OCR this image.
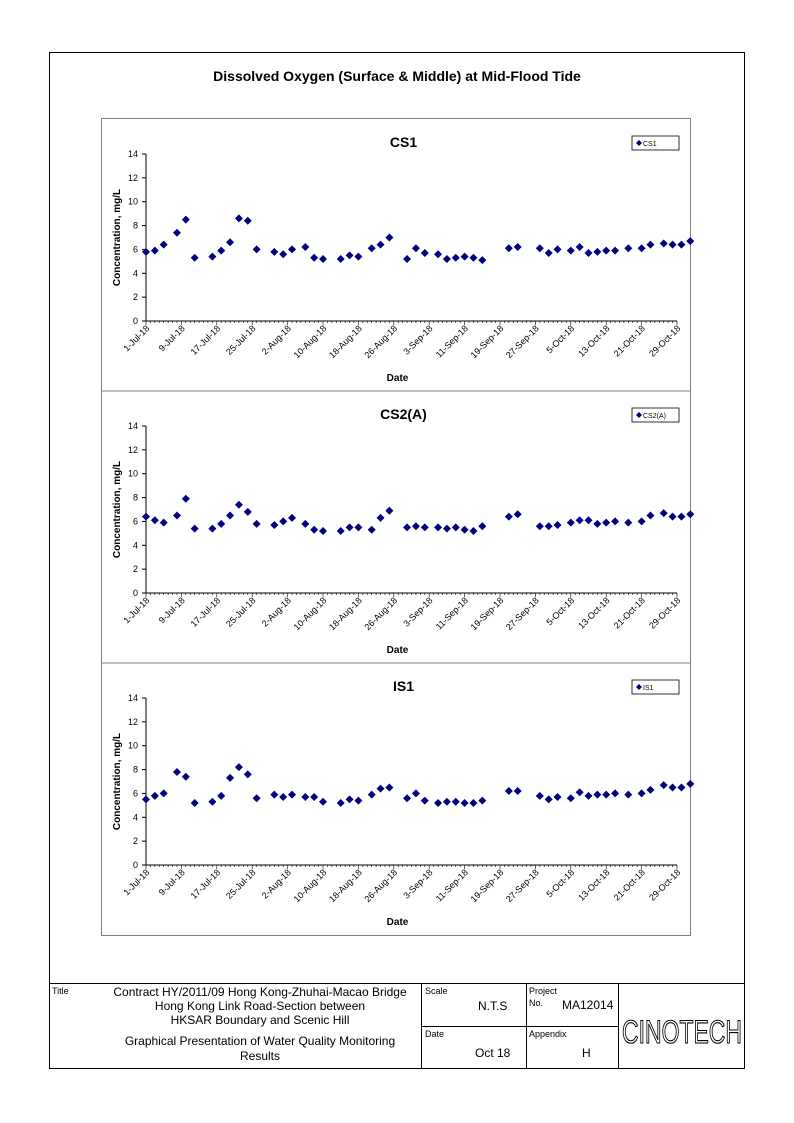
Dissolved Oxygen (Surface & Middle) at Mid-Flood Tide
CS1
0
2
4
6
8
10
12
14
1-Jul-18 9-Jul-18 17-Jul-18 25-Jul-18 2-Aug-18
10-Aug-18
18-Aug-18
26-Aug-18 3-Sep-18 11-Sep-18
19-Sep-18
27-Sep-18 5-Oct-18 13-Oct-18 21-Oct-18 29-Oct-18
Concentration, mg/L
Date
CS1
CS2(A)
0
2
4
6
8
10
12
14
1-Jul-18 9-Jul-18 17-Jul-18 25-Jul-18 2-Aug-18
10-Aug-18
18-Aug-18
26-Aug-18 3-Sep-18 11-Sep-18
19-Sep-18
27-Sep-18 5-Oct-18 13-Oct-18 21-Oct-18 29-Oct-18
Concentration, mg/L
Date
CS2(A)
IS1
0
2
4
6
8
10
12
14
1-Jul-18 9-Jul-18 17-Jul-18 25-Jul-18 2-Aug-18
10-Aug-18
18-Aug-18
26-Aug-18 3-Sep-18 11-Sep-18
19-Sep-18
27-Sep-18 5-Oct-18 13-Oct-18 21-Oct-18 29-Oct-18
Concentration, mg/L
Date
IS1
Title	Contract HY/2011/09 Hong Kong-Zhuhai-Macao Bridge
Hong Kong Link Road-Section between
HKSAR Boundary and Scenic Hill
Graphical Presentation of Water Quality Monitoring
Results
Scale
N.T.S
Project
No. MA12014
Date
Oct 18
Appendix
H
CINOTECH
